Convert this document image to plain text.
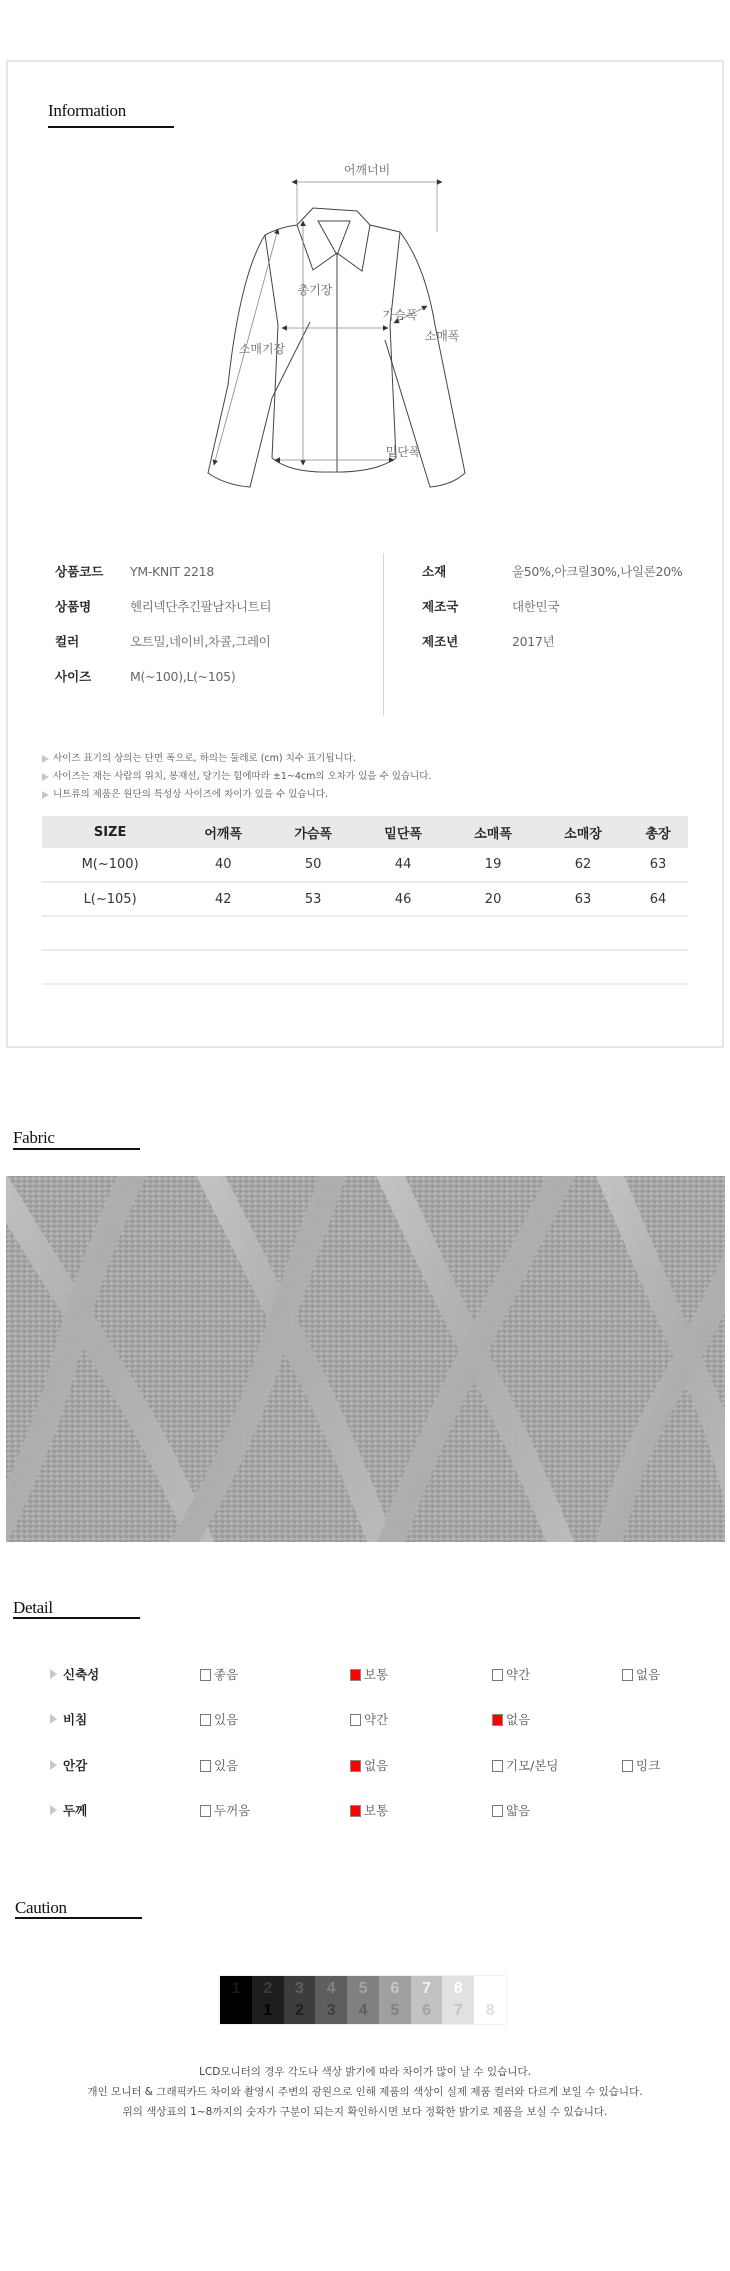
Information
어깨너비
총기장
가슴폭
소매폭
소매기장
밑단폭
상품코드 YM-KNIT 2218
상품명	헨리넥단추긴팔남자니트티
컬러	오트밀,네이비,차콜,그레이
사이즈	M(~100),L(~105)
소재	울50%,아크릴30%,나일론20%
제조국	대한민국
제조년	2017년
사이즈 표기의 상의는 단면 폭으로, 하의는 둘레로 (cm) 치수 표기됩니다.
사이즈는 재는 사람의 위치, 봉재선, 당기는 힘에따라 ±1~4cm의 오차가 있을 수 있습니다.
니트류의 제품은 원단의 특성상 사이즈에 차이가 있을 수 있습니다.
SIZE	어깨폭	가슴폭	밑단폭	소매폭	소매장	총장
M(~100)	40	50	44	19	62	63
L(~105)	42	53	46	20	63	64

Fabric
Detail
신축성	좋음	보통	약간	없음
비침	있음	약간	없음
안감	있음	없음	기모/본딩	밍크
두께	두꺼움	보통	얇음
Caution
1	2
1
3
2
4
3
5
4
6
5
7
6
8
7	8
LCD모니터의 경우 각도나 색상 밝기에 따라 차이가 많이 날 수 있습니다.
개인 모니터 & 그래픽카드 차이와 촬영시 주변의 광원으로 인해 제품의 색상이 실제 제품 컬러와 다르게 보일 수 있습니다.
위의 색상표의 1~8까지의 숫자가 구분이 되는지 확인하시면 보다 정확한 밝기로 제품을 보실 수 있습니다.
